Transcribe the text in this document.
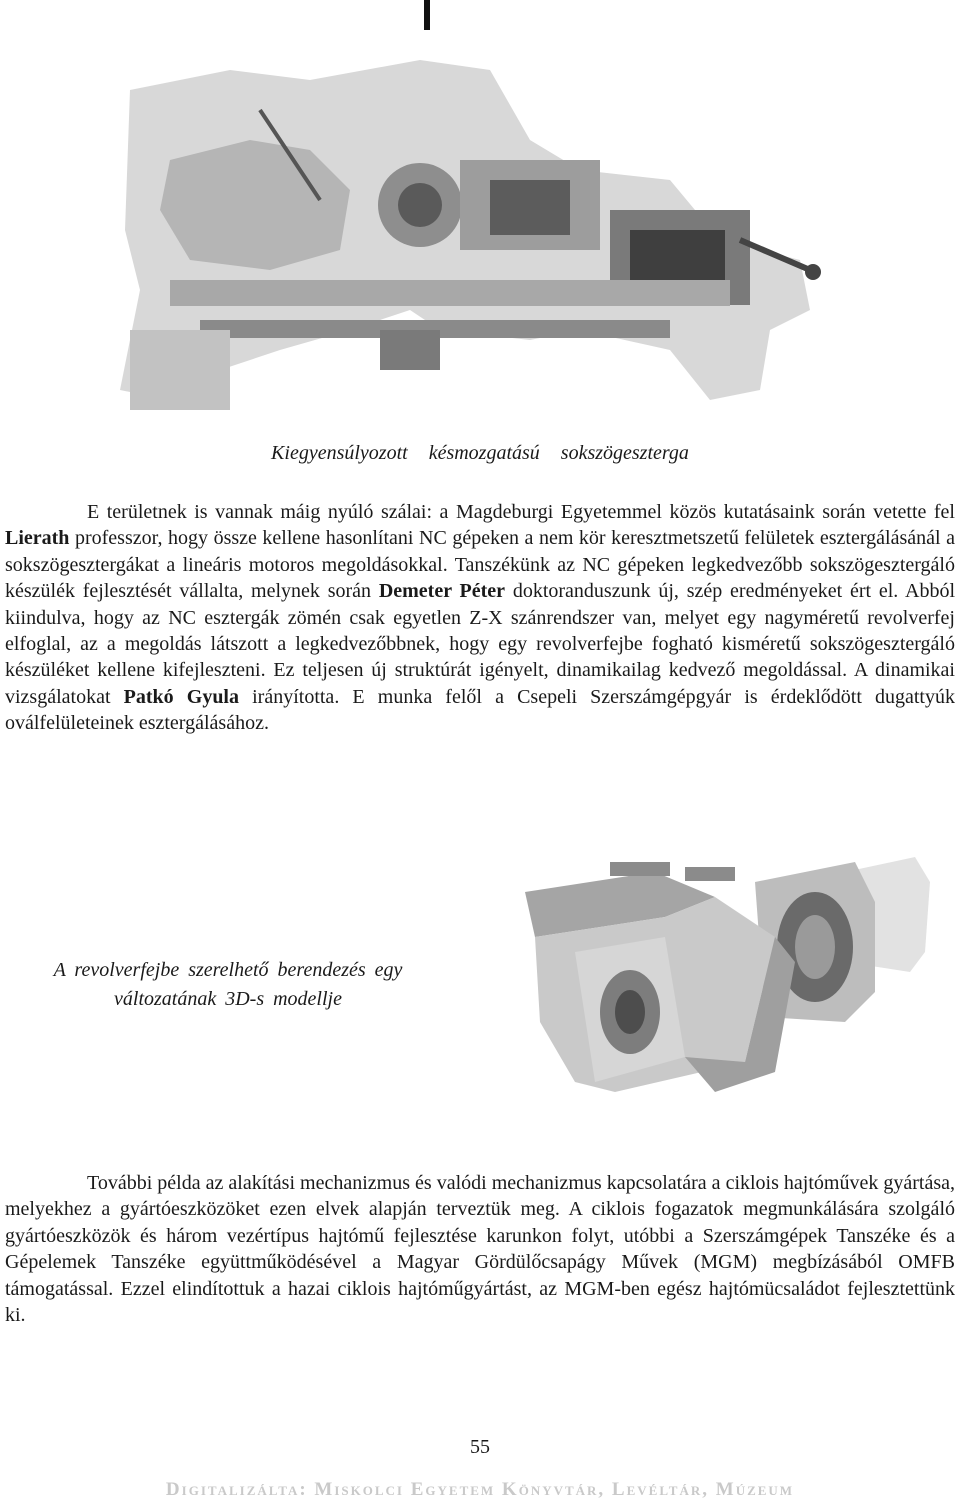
Kiegyensúlyozott késmozgatású sokszögeszterga

E területnek is vannak máig nyúló szálai: a Magdeburgi Egyetemmel közös kutatásaink során vetette fel Lierath professzor, hogy össze kellene hasonlítani NC gépeken a nem kör keresztmetszetű felületek esztergálásánál a sokszögesztergákat a lineáris motoros megoldásokkal. Tanszékünk az NC gépeken legkedvezőbb sokszögesztergáló készülék fejlesztését vállalta, melynek során Demeter Péter doktoranduszunk új, szép eredményeket ért el. Abból kiindulva, hogy az NC esztergák zömén csak egyetlen Z-X szánrendszer van, melyet egy nagyméretű revolverfej elfoglal, az a megoldás látszott a legkedvezőbbnek, hogy egy revolverfejbe fogható kisméretű sokszögesztergáló készüléket kellene kifejleszteni. Ez teljesen új struktúrát igényelt, dinamikailag kedvező megoldással. A dinamikai vizsgálatokat Patkó Gyula irányította. E munka felől a Csepeli Szerszámgépgyár is érdeklődött dugattyúk oválfelületeinek esztergálásához.

A revolverfejbe szerelhető berendezés egy
változatának 3D-s modellje

További példa az alakítási mechanizmus és valódi mechanizmus kapcsolatára a ciklois hajtóművek gyártása, melyekhez a gyártóeszközöket ezen elvek alapján terveztük meg. A ciklois fogazatok megmunkálására szolgáló gyártóeszközök és három vezértípus hajtómű fejlesztése karunkon folyt, utóbbi a Szerszámgépek Tanszéke és a Gépelemek Tanszéke együttműködésével a Magyar Gördülőcsapágy Művek (MGM) megbízásából OMFB támogatással. Ezzel elindítottuk a hazai ciklois hajtóműgyártást, az MGM-ben egész hajtómücsaládot fejlesztettünk ki.

55
Digitalizálta: Miskolci Egyetem Könyvtár, Levéltár, Múzeum
